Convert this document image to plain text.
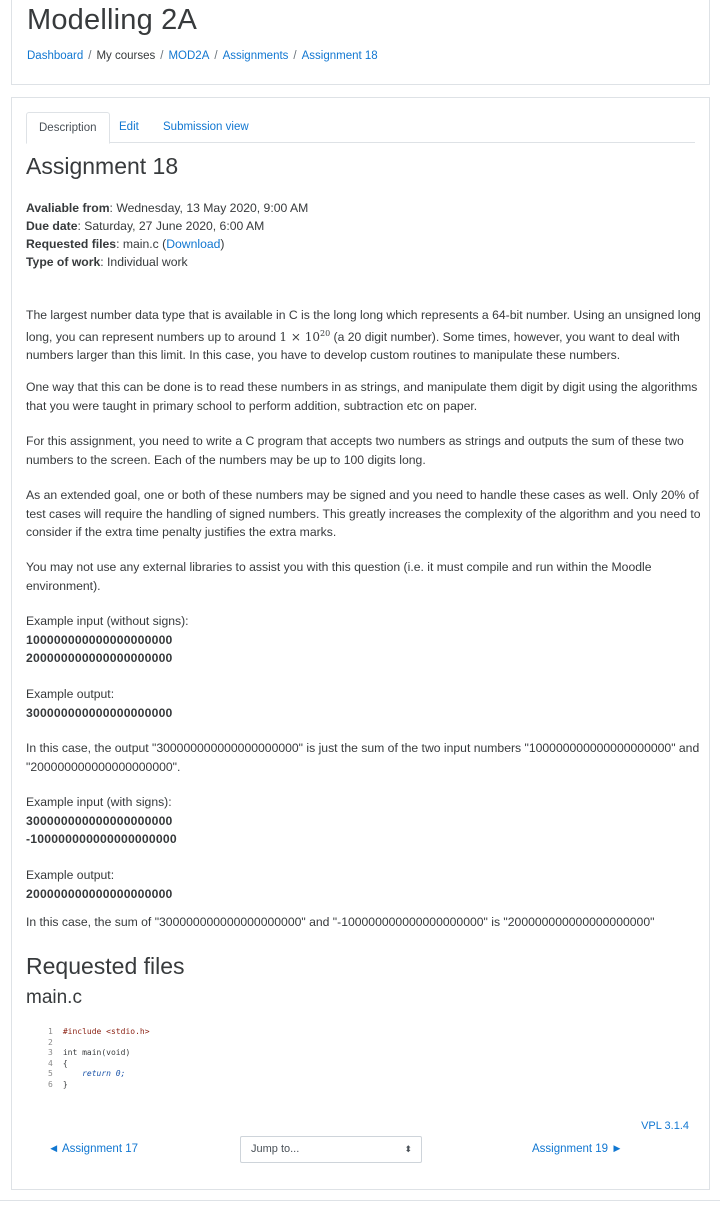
Modelling 2A
Dashboard / My courses / MOD2A / Assignments / Assignment 18
Description	Edit	Submission view
Assignment 18
Avaliable from: Wednesday, 13 May 2020, 9:00 AM
Due date: Saturday, 27 June 2020, 6:00 AM
Requested files: main.c (Download)
Type of work: Individual work

The largest number data type that is available in C is the long long which represents a 64-bit number. Using an unsigned long long, you can represent numbers up to around $1 \times 10^{20}$ (a 20 digit number). Some times, however, you want to deal with numbers larger than this limit. In this case, you have to develop custom routines to manipulate these numbers.

One way that this can be done is to read these numbers in as strings, and manipulate them digit by digit using the algorithms that you were taught in primary school to perform addition, subtraction etc on paper.

For this assignment, you need to write a C program that accepts two numbers as strings and outputs the sum of these two numbers to the screen. Each of the numbers may be up to 100 digits long.

As an extended goal, one or both of these numbers may be signed and you need to handle these cases as well. Only 20% of test cases will require the handling of signed numbers. This greatly increases the complexity of the algorithm and you need to consider if the extra time penalty justifies the extra marks.

You may not use any external libraries to assist you with this question (i.e. it must compile and run within the Moodle environment).

Example input (without signs):
100000000000000000000
200000000000000000000
Example output:
300000000000000000000

In this case, the output "300000000000000000000" is just the sum of the two input numbers "100000000000000000000" and "200000000000000000000".

Example input (with signs):
300000000000000000000
-100000000000000000000
Example output:
200000000000000000000

In this case, the sum of "300000000000000000000" and "-100000000000000000000" is "200000000000000000000"

Requested files
main.c
1 #include <stdio.h>
2
3 int main(void)
4 {
5     return 0;
6 }
VPL 3.1.4
◄ Assignment 17	Jump to...	⬍	Assignment 19 ►
